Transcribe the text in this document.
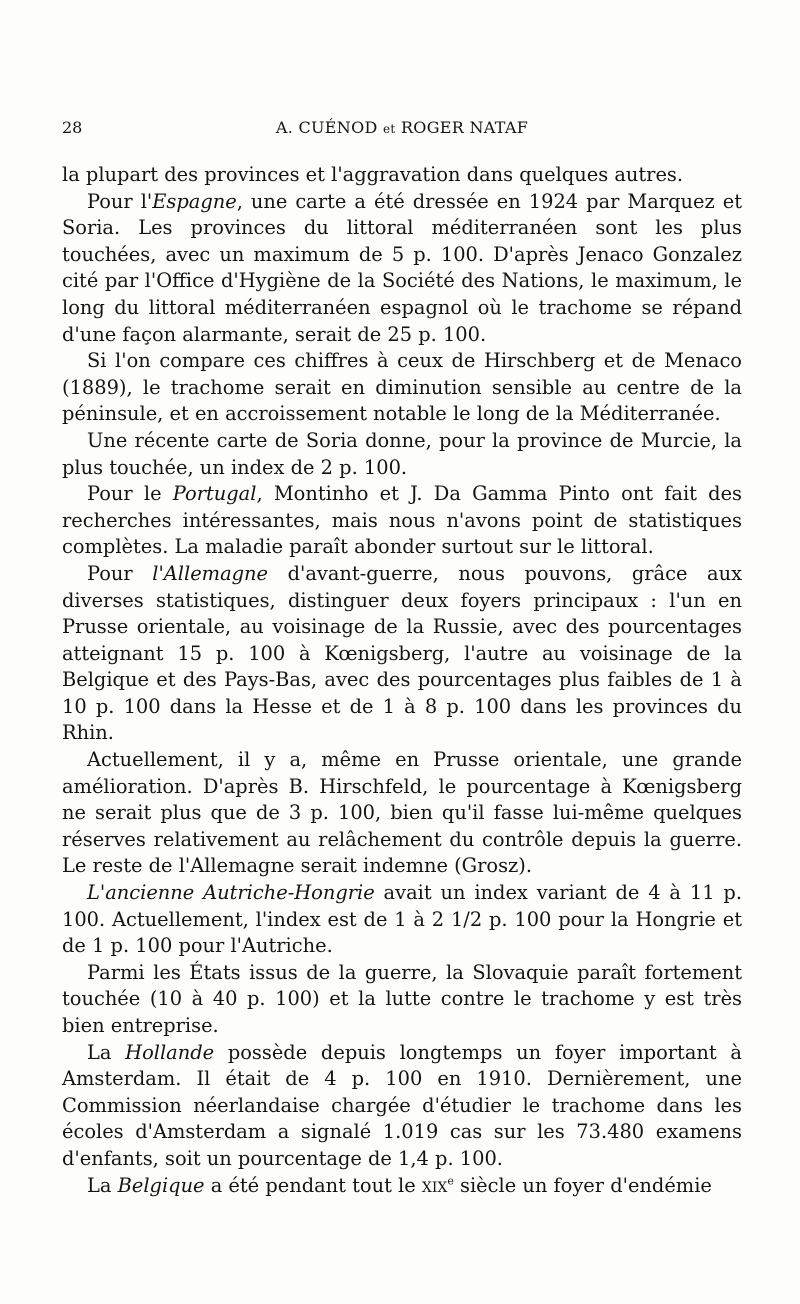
28	A. CUÉNOD et ROGER NATAF

la plupart des provinces et l'aggravation dans quelques autres.

Pour l'Espagne, une carte a été dressée en 1924 par Marquez et Soria. Les provinces du littoral méditerranéen sont les plus touchées, avec un maximum de 5 p. 100. D'après Jenaco Gonzalez cité par l'Office d'Hygiène de la Société des Nations, le maximum, le long du littoral méditerranéen espagnol où le trachome se répand d'une façon alarmante, serait de 25 p. 100.

Si l'on compare ces chiffres à ceux de Hirschberg et de Menaco (1889), le trachome serait en diminution sensible au centre de la péninsule, et en accroissement notable le long de la Méditerranée.

Une récente carte de Soria donne, pour la province de Murcie, la plus touchée, un index de 2 p. 100.

Pour le Portugal, Montinho et J. Da Gamma Pinto ont fait des recherches intéressantes, mais nous n'avons point de statistiques complètes. La maladie paraît abonder surtout sur le littoral.

Pour l'Allemagne d'avant-guerre, nous pouvons, grâce aux diverses statistiques, distinguer deux foyers principaux : l'un en Prusse orientale, au voisinage de la Russie, avec des pourcentages atteignant 15 p. 100 à Kœnigsberg, l'autre au voisinage de la Belgique et des Pays-Bas, avec des pourcentages plus faibles de 1 à 10 p. 100 dans la Hesse et de 1 à 8 p. 100 dans les provinces du Rhin.

Actuellement, il y a, même en Prusse orientale, une grande amélioration. D'après B. Hirschfeld, le pourcentage à Kœnigsberg ne serait plus que de 3 p. 100, bien qu'il fasse lui-même quelques réserves relativement au relâchement du contrôle depuis la guerre. Le reste de l'Allemagne serait indemne (Grosz).

L'ancienne Autriche-Hongrie avait un index variant de 4 à 11 p. 100. Actuellement, l'index est de 1 à 2 1/2 p. 100 pour la Hongrie et de 1 p. 100 pour l'Autriche.

Parmi les États issus de la guerre, la Slovaquie paraît fortement touchée (10 à 40 p. 100) et la lutte contre le trachome y est très bien entreprise.

La Hollande possède depuis longtemps un foyer important à Amsterdam. Il était de 4 p. 100 en 1910. Dernièrement, une Commission néerlandaise chargée d'étudier le trachome dans les écoles d'Amsterdam a signalé 1.019 cas sur les 73.480 examens d'enfants, soit un pourcentage de 1,4 p. 100.

La Belgique a été pendant tout le xix$^e$ siècle un foyer d'endémie
